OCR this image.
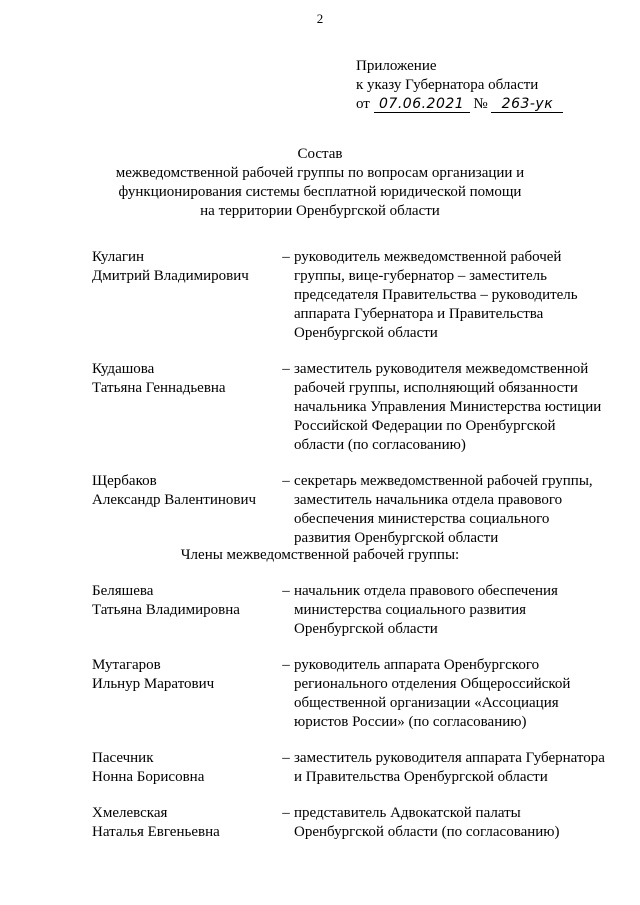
2
Приложение
к указу Губернатора области
от 07.06.2021 № 263-ук
Состав
межведомственной рабочей группы по вопросам организации и
функционирования системы бесплатной юридической помощи
на территории Оренбургской области
Кулагин
Дмитрий Владимирович
– руководитель межведомственной рабочей группы, вице-губернатор – заместитель председателя Правительства – руководитель аппарата Губернатора и Правительства Оренбургской области
Кудашова
Татьяна Геннадьевна
– заместитель руководителя межведомственной рабочей группы, исполняющий обязанности начальника Управления Министерства юстиции Российской Федерации по Оренбургской области (по согласованию)
Щербаков
Александр Валентинович
– секретарь межведомственной рабочей группы, заместитель начальника отдела правового обеспечения министерства социального развития Оренбургской области
Члены межведомственной рабочей группы:
Беляшева
Татьяна Владимировна
– начальник отдела правового обеспечения министерства социального развития Оренбургской области
Мутагаров
Ильнур Маратович
– руководитель аппарата Оренбургского регионального отделения Общероссийской общественной организации «Ассоциация юристов России» (по согласованию)
Пасечник
Нонна Борисовна
– заместитель руководителя аппарата Губернатора и Правительства Оренбургской области
Хмелевская
Наталья Евгеньевна
– представитель Адвокатской палаты Оренбургской области (по согласованию)
